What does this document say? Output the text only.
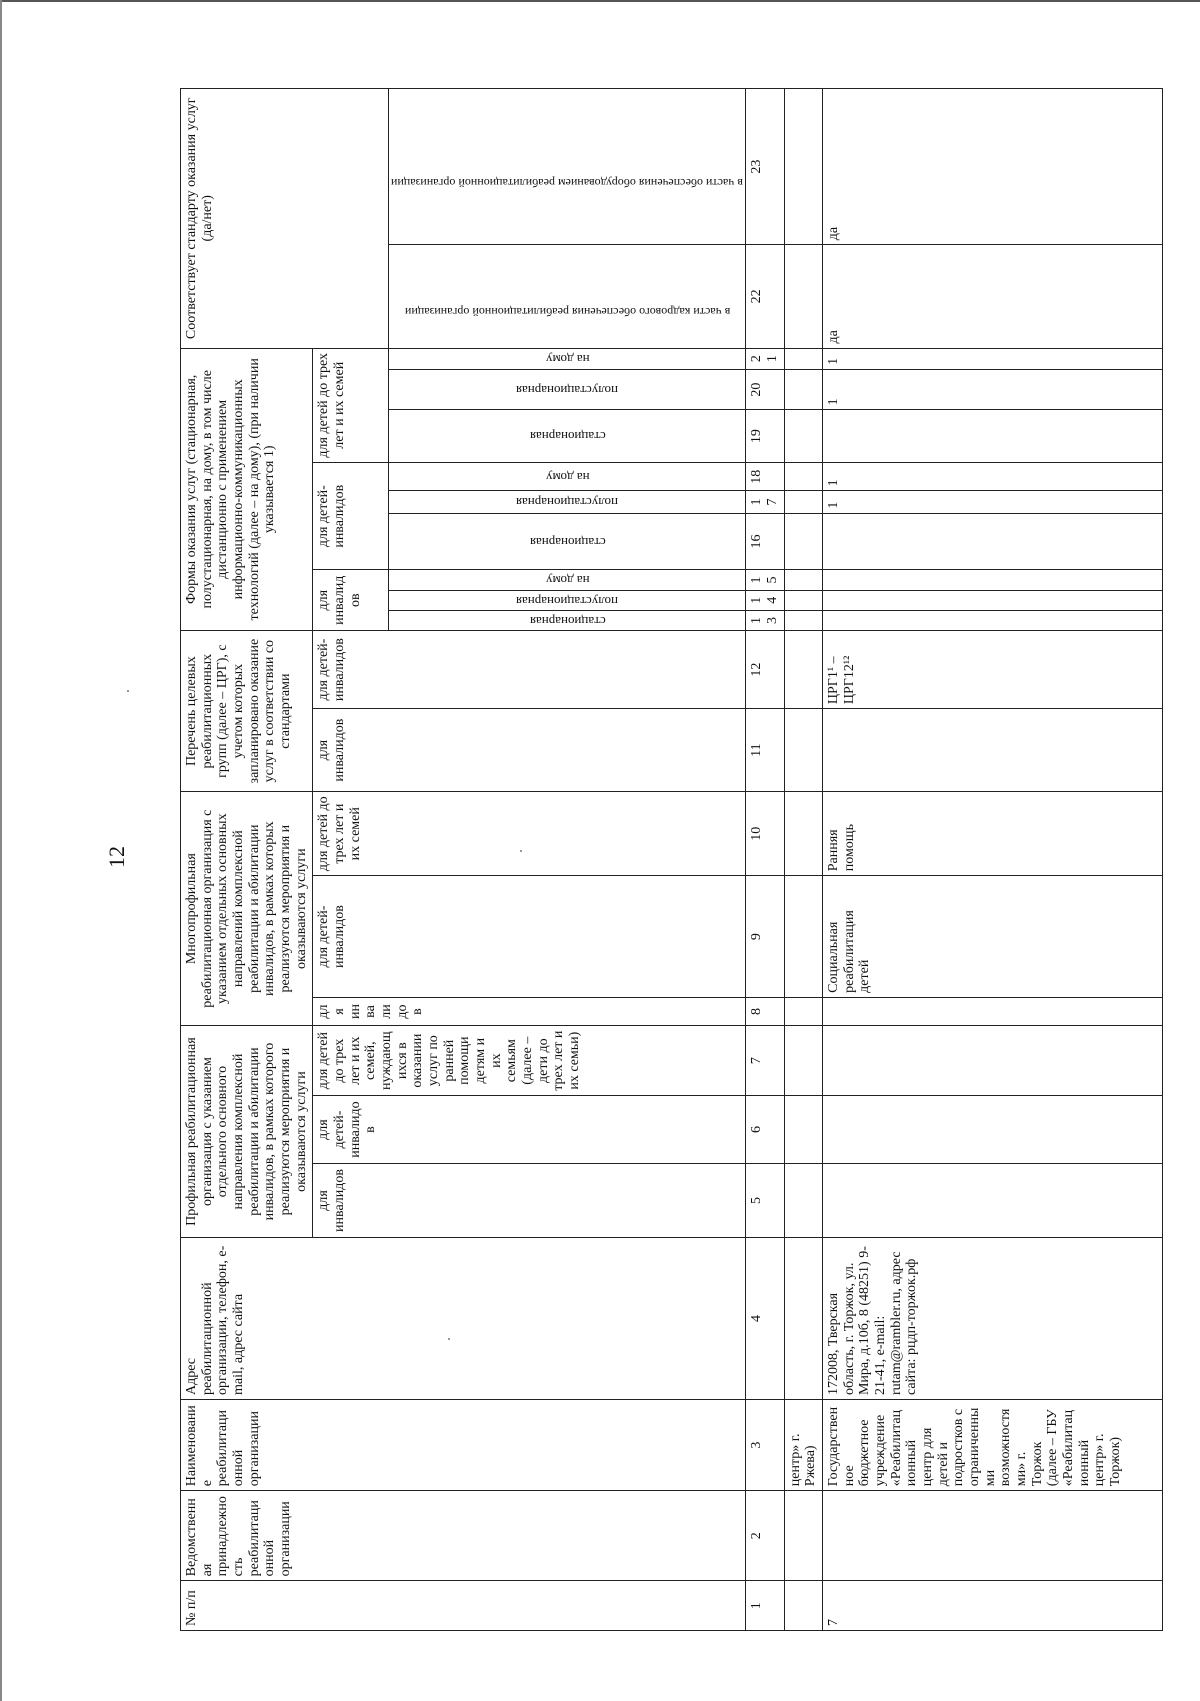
12
№ п/п	Ведомственная принадлежность реабилитационной организации	Наименование реабилитационной организации	Адрес реабилитационной организации, телефон, e-mail, адрес сайта	Профильная реабилитационная организация с указанием отдельного основного направления комплексной реабилитации и абилитации инвалидов, в рамках которого реализуются мероприятия и оказываются услуги			Многопрофильная реабилитационная организация с указанием отдельных основных направлений комплексной реабилитации и абилитации инвалидов, в рамках которых реализуются мероприятия и оказываются услуги			Перечень целевых реабилитационных групп (далее – ЦРГ), с учетом которых запланировано оказание услуг в соответствии со стандартами		Формы оказания услуг (стационарная, полустационарная, на дому, в том числе дистанционно с применением информационно-коммуникационных технологий (далее – на дому), (при наличии указывается 1)									Соответствует стандарту оказания услуг (да/нет)	
				для инвалидов	для детей-инвалидов	для детей до трех лет и их семей, нуждающихся в оказании услуг по ранней помощи детям и их семьям (далее – дети до трех лет и их семьи)	для инвалидов	для детей-инвалидов	для детей до трех лет и их семей	для инвалидов	для детей-инвалидов	для инвалидов			для детей-инвалидов			для детей до трех лет и их семей				

												стационарная	полустационарная	на дому	стационарная	полустационарная	на дому	стационарная	полустационарная	на дому	в части кадрового обеспечения реабилитационной организации	в части обеспечения оборудованием реабилитационной организации

1	2	3	4	5	6	7	8	9	10	11	12	13	14	15	16	17	18	19	20	21	22	23
		центр» г. Ржева)																				
7		Государственное бюджетное учреждение «Реабилитационный центр для детей и подростков с ограниченными возможностями» г. Торжок (далее – ГБУ «Реабилитационный центр» г. Торжок)	172008, Тверская область, г. Торжок, ул. Мира, д.10б, 8 (48251) 9-21-41, e-mail: rutam@rambler.ru, адрес сайта: рцдп-торжок.рф					Социальная реабилитация детей	Ранняя помощь		ЦРГ1¹ – ЦРГ12¹²					1	1		1	1	да	да
